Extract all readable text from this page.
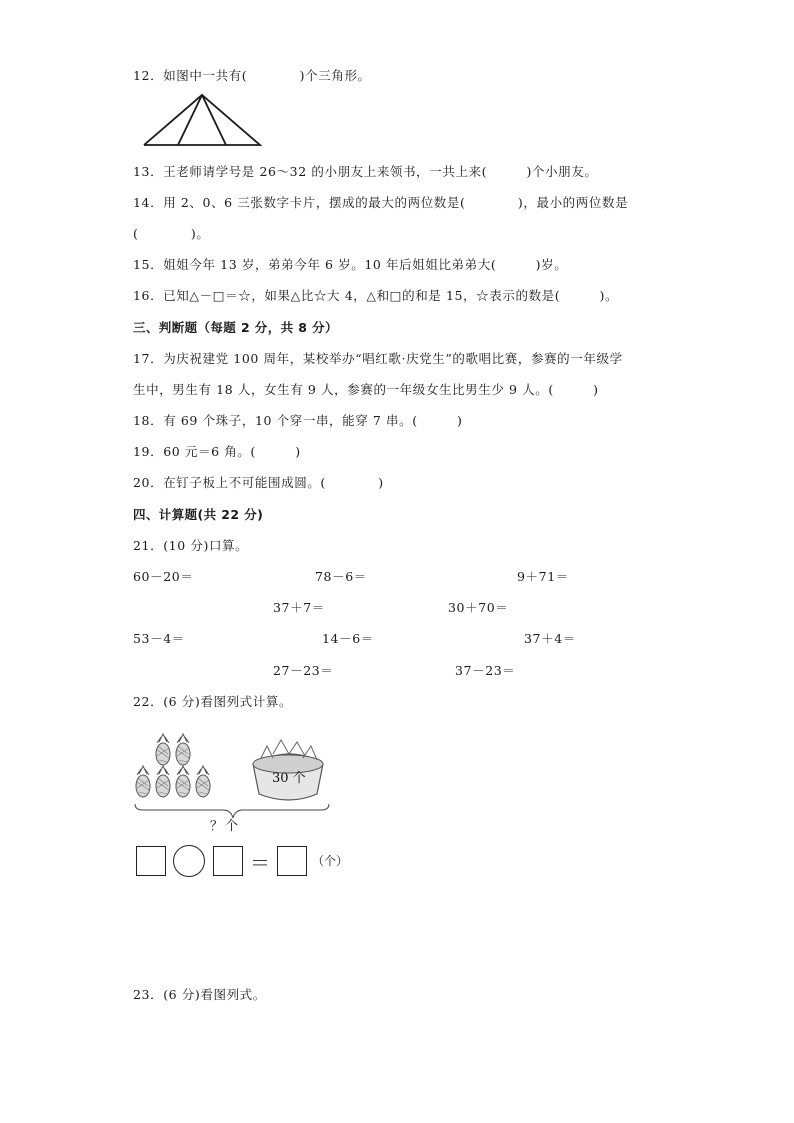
12．如图中一共有(　　　　)个三角形。
13．王老师请学号是 26～32 的小朋友上来领书，一共上来(　　　)个小朋友。
14．用 2、0、6 三张数字卡片，摆成的最大的两位数是(　　　　)，最小的两位数是
(　　　　)。
15．姐姐今年 13 岁，弟弟今年 6 岁。10 年后姐姐比弟弟大(　　　)岁。
16．已知△－□＝☆，如果△比☆大 4，△和□的和是 15，☆表示的数是(　　　)。
三、判断题（每题 2 分，共 8 分）
17．为庆祝建党 100 周年，某校举办“唱红歌·庆党生”的歌唱比赛，参赛的一年级学
生中，男生有 18 人，女生有 9 人，参赛的一年级女生比男生少 9 人。(　　　)
18．有 69 个珠子，10 个穿一串，能穿 7 串。(　　　)
19．60 元＝6 角。(　　　)
20．在钉子板上不可能围成圆。(　　　　)
四、计算题(共 22 分)
21．(10 分)口算。
60－20＝	78－6＝	9＋71＝
37＋7＝	30＋70＝
53－4＝	14－6＝	37＋4＝
27－23＝	37－23＝
22．(6 分)看图列式计算。
30 个
？个
＝	（个）
23．(6 分)看图列式。
